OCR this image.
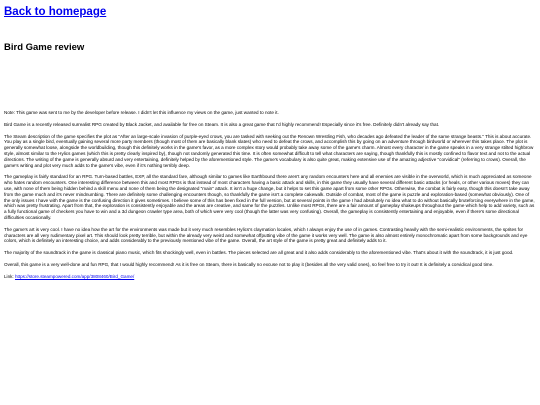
Back to homepage
Bird Game review

Note: This game was sent to me by the developer before release. I didn't let this influence my views on the game, just wanted to note it.

Bird Game is a recently released surrealist RPG created by Black Jacket, and available for free on Steam. It is also a great game that I'd highly recommend! Especially since it's free. Definitely didn't already say that.

The Steam description of the game specifies the plot as "After an large-scale invasion of purple-eyed crows, you are tasked with seeking out the Renown Wrestling Fish, who decades ago defeated the leader of the same strange beasts." This is about accurate. You play as a single bird, eventually gaining several more party members (though most of them are basically blank slates) who need to defeat the crows, and accomplish this by going on an adventure through birdworld or wherever this takes place. The plot is generally somewhat loose, alongside the worldbuilding, though this definitely works in the game's favor, as a more complex story would probably take away some of the game's charm. Almost every character in the game speaks in a very strange stilted highbrow style, almost similar to the Hylics games (which this is pretty clearly inspired by), though not randomly generated this time. It is often somewhat difficult to tell what characters are saying, though thankfully this is mostly confined to flavor text and not to the actual directions. The writing of the game is generally absurd and very entertaining, definitely helped by the aforementioned style. The game's vocabulary is also quite great, making extensive use of the amazing adjective "corvidical" (referring to crows). Overall, the game's writing and plot very much adds to the game's vibe, even if it's nothing terribly deep.

The gameplay is fairly standard for an RPG. Turn-based battles, EXP, all the standard fare, although similar to games like Earthbound there aren't any random encounters here and all enemies are visible in the overworld, which is much appreciated as someone who hates random encounters. One interesting difference between this and most RPGs is that instead of most characters having a basic attack and skills, in this game they usually have several different basic attacks (or heals, or other various moves) they can use, with none of them being hidden behind a skill menu and none of them being the designated "main" attack. It isn't a huge change, but it helps to set this game apart from some other RPGs. Otherwise, the combat is fairly easy, though this doesn't take away from the game much and it's never mindnumbing. There are definitely some challenging encounters though, so thankfully the game isn't a complete cakewalk. Outside of combat, most of the game is puzzle and exploration-based (somewhat obviously). One of the only issues I have with the game is the confusing direction it gives sometimes. I believe some of this has been fixed in the full version, but at several points in the game I had absolutely no idea what to do without basically bruteforcing everywhere in the game, which was pretty frustrating. Apart from that, the exploration is consistently enjoyable and the areas are creative, and same for the puzzles. Unlike most RPGs, there are a fair amount of gameplay shakeups throughout the game which help to add variety, such as a fully functional game of checkers you have to win and a 3d dungeon crawler type area, both of which were very cool (though the latter was very confusing). Overall, the gameplay is consistently entertaining and enjoyable, even if there's some directional difficulties occasionally.

The game's art is very cool. I have no idea how the art for the environments was made but it very much resembles Hylics's claymation locales, which I always enjoy the use of in games. Contrasting heavily with the semi-realistic environments, the sprites for characters are all very rudimentary pixel art. This should look pretty terrible, but within the already very weird and somewhat offputting vibe of the game it works very well. The game is also almost entirely monochromatic apart from some backgrounds and eye colors, which is definitely an interesting choice, and adds considerably to the previously mentioned vibe of the game. Overall, the art style of the game is pretty great and definitely adds to it.

The majority of the soundtrack in the game is classical piano music, which fits shockingly well, even in battles. The pieces selected are all great and it also adds considerably to the aforementioned vibe. That's about it with the soundtrack, it is just good.

Overall, this game is a very well-done and fun RPG, that I would highly recommend! As it is free on Steam, there is basically no excuse not to play it (besides all the very valid ones), so feel free to try it out! It is definitely a corvidical good time.

Link: https://store.steampowered.com/app/3808460/Bird_Game/
